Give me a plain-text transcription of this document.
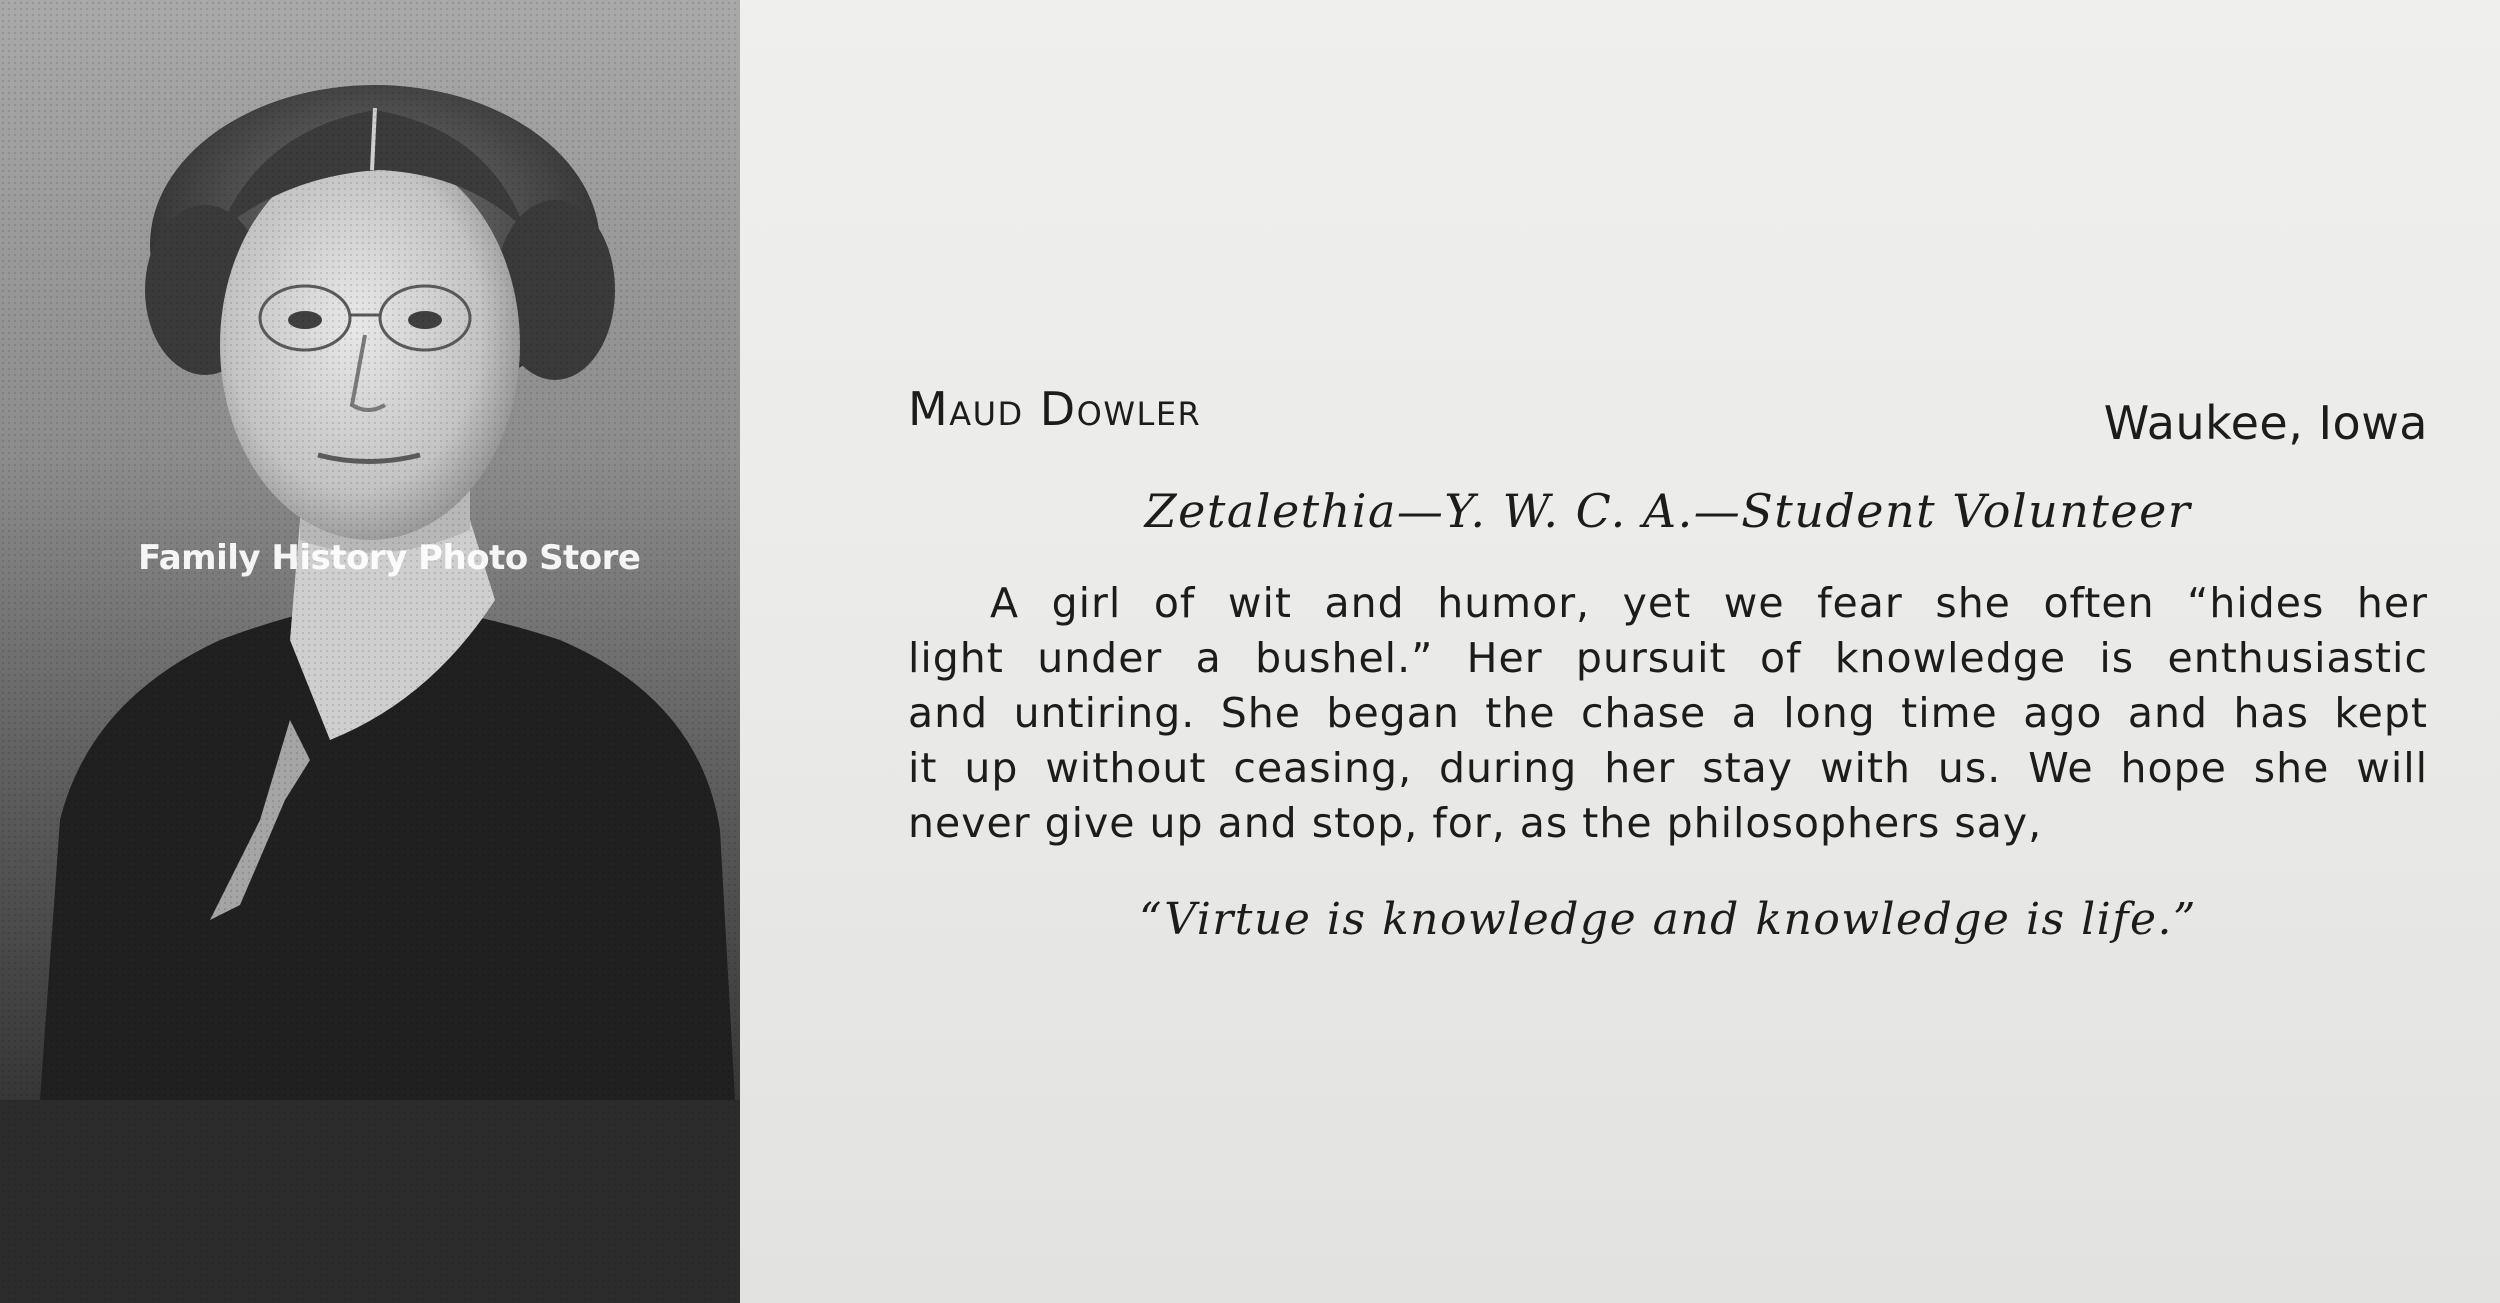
Family History Photo Store
Maud Dowler	Waukee, Iowa
Zetalethia—Y. W. C. A.—Student Volunteer
A girl of wit and humor, yet we fear she often “hides her
light under a bushel.” Her pursuit of knowledge is enthusiastic
and untiring. She began the chase a long time ago and has kept
it up without ceasing, during her stay with us. We hope she will
never give up and stop, for, as the philosophers say,
“Virtue is knowledge and knowledge is life.”
